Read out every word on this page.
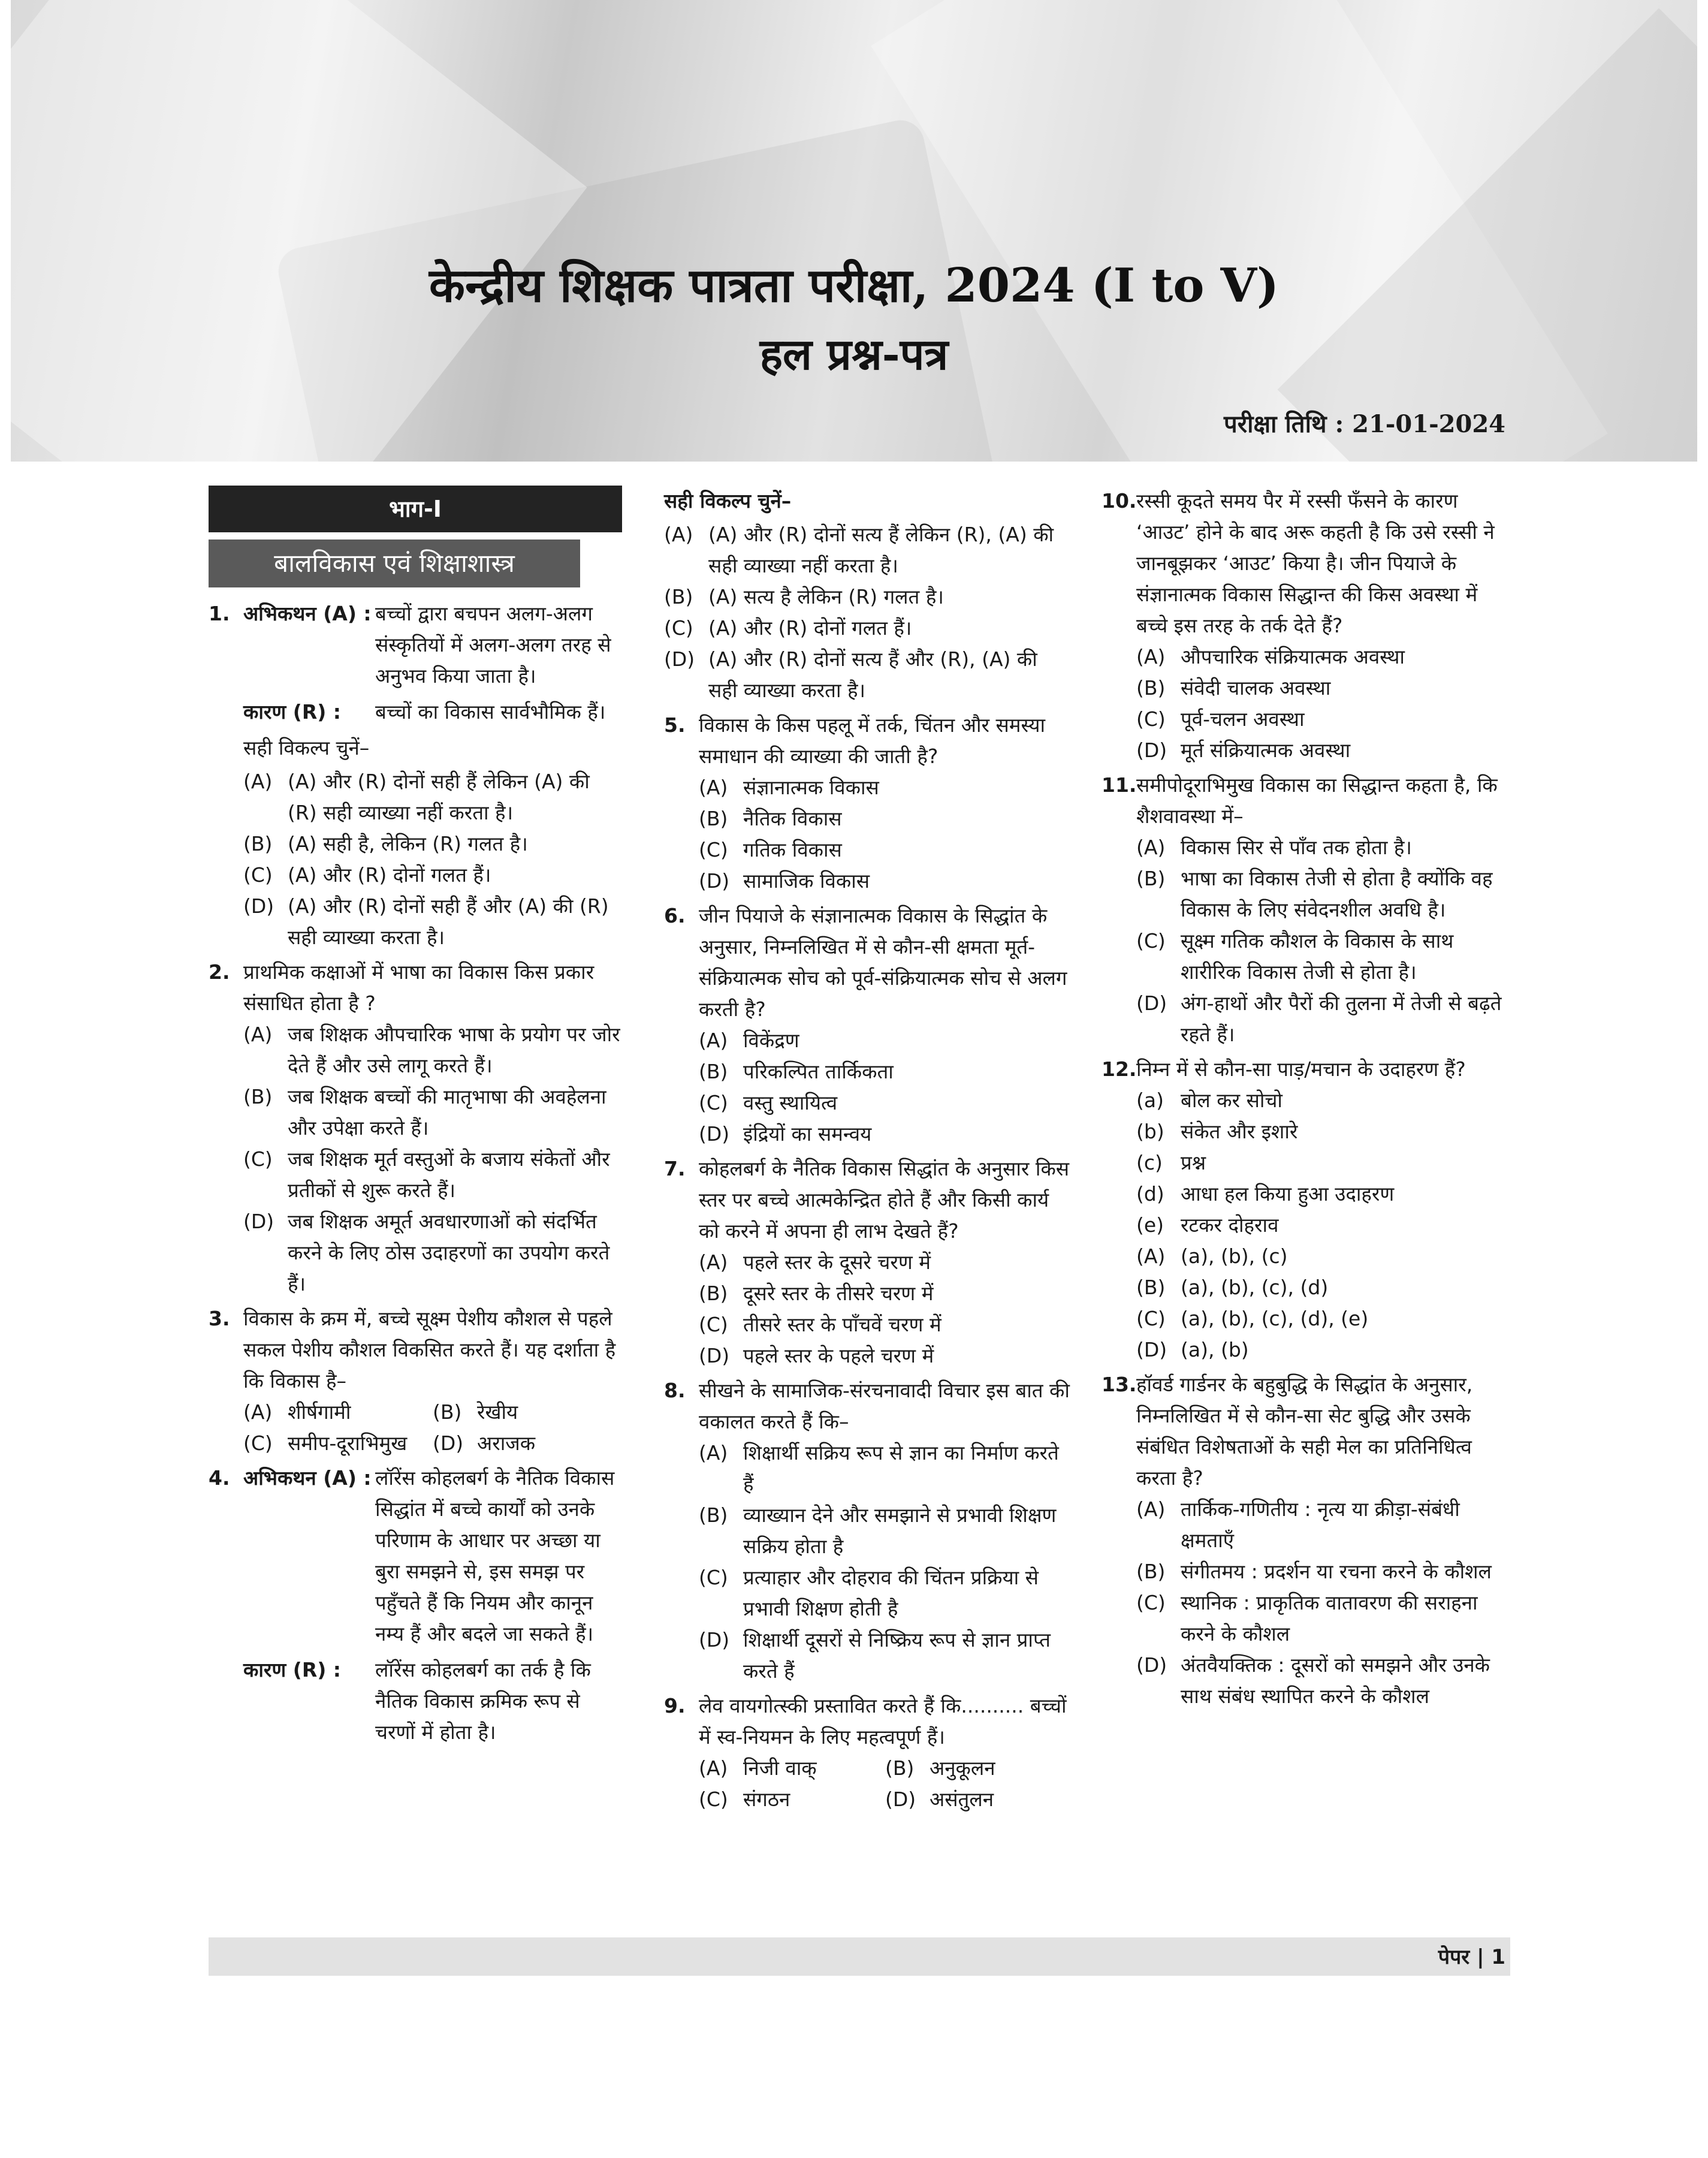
केन्द्रीय शिक्षक पात्रता परीक्षा, 2024 (I to V)
हल प्रश्न-पत्र
परीक्षा तिथि : 21-01-2024
भाग-I
बालविकास एवं शिक्षाशास्त्र
1. अभिकथन (A) : बच्चों द्वारा बचपन अलग-अलग संस्कृतियों में अलग-अलग तरह से अनुभव किया जाता है।
कारण (R) :	बच्चों का विकास सार्वभौमिक हैं।
सही विकल्प चुनें–
(A) (A) और (R) दोनों सही हैं लेकिन (A) की (R) सही व्याख्या नहीं करता है।
(B) (A) सही है, लेकिन (R) गलत है।
(C) (A) और (R) दोनों गलत हैं।
(D) (A) और (R) दोनों सही हैं और (A) की (R) सही व्याख्या करता है।
2. प्राथमिक कक्षाओं में भाषा का विकास किस प्रकार संसाधित होता है ?
(A) जब शिक्षक औपचारिक भाषा के प्रयोग पर जोर देते हैं और उसे लागू करते हैं।
(B) जब शिक्षक बच्चों की मातृभाषा की अवहेलना और उपेक्षा करते हैं।
(C) जब शिक्षक मूर्त वस्तुओं के बजाय संकेतों और प्रतीकों से शुरू करते हैं।
(D) जब शिक्षक अमूर्त अवधारणाओं को संदर्भित करने के लिए ठोस उदाहरणों का उपयोग करते हैं।
3. विकास के क्रम में, बच्चे सूक्ष्म पेशीय कौशल से पहले सकल पेशीय कौशल विकसित करते हैं। यह दर्शाता है कि विकास है–
(A) शीर्षगामी	(B) रेखीय
(C) समीप-दूराभिमुख	(D) अराजक
4. अभिकथन (A) : लॉरेंस कोहलबर्ग के नैतिक विकास सिद्धांत में बच्चे कार्यों को उनके परिणाम के आधार पर अच्छा या बुरा समझने से, इस समझ पर पहुँचते हैं कि नियम और कानून नम्य हैं और बदले जा सकते हैं।
कारण (R) :	लॉरेंस कोहलबर्ग का तर्क है कि नैतिक विकास क्रमिक रूप से चरणों में होता है।
सही विकल्प चुनें–
(A) (A) और (R) दोनों सत्य हैं लेकिन (R), (A) की सही व्याख्या नहीं करता है।
(B) (A) सत्य है लेकिन (R) गलत है।
(C) (A) और (R) दोनों गलत हैं।
(D) (A) और (R) दोनों सत्य हैं और (R), (A) की सही व्याख्या करता है।
5. विकास के किस पहलू में तर्क, चिंतन और समस्या समाधान की व्याख्या की जाती है?
(A) संज्ञानात्मक विकास
(B) नैतिक विकास
(C) गतिक विकास
(D) सामाजिक विकास
6. जीन पियाजे के संज्ञानात्मक विकास के सिद्धांत के अनुसार, निम्नलिखित में से कौन-सी क्षमता मूर्त-संक्रियात्मक सोच को पूर्व-संक्रियात्मक सोच से अलग करती है?
(A) विकेंद्रण
(B) परिकल्पित तार्किकता
(C) वस्तु स्थायित्व
(D) इंद्रियों का समन्वय
7. कोहलबर्ग के नैतिक विकास सिद्धांत के अनुसार किस स्तर पर बच्चे आत्मकेन्द्रित होते हैं और किसी कार्य को करने में अपना ही लाभ देखते हैं?
(A) पहले स्तर के दूसरे चरण में
(B) दूसरे स्तर के तीसरे चरण में
(C) तीसरे स्तर के पाँचवें चरण में
(D) पहले स्तर के पहले चरण में
8. सीखने के सामाजिक-संरचनावादी विचार इस बात की वकालत करते हैं कि–
(A) शिक्षार्थी सक्रिय रूप से ज्ञान का निर्माण करते हैं
(B) व्याख्यान देने और समझाने से प्रभावी शिक्षण सक्रिय होता है
(C) प्रत्याहार और दोहराव की चिंतन प्रक्रिया से प्रभावी शिक्षण होती है
(D) शिक्षार्थी दूसरों से निष्क्रिय रूप से ज्ञान प्राप्त करते हैं
9. लेव वायगोत्स्की प्रस्तावित करते हैं कि.......... बच्चों में स्व-नियमन के लिए महत्वपूर्ण हैं।
(A) निजी वाक्	(B) अनुकूलन
(C) संगठन	(D) असंतुलन
10. रस्सी कूदते समय पैर में रस्सी फँसने के कारण ‘आउट’ होने के बाद अरू कहती है कि उसे रस्सी ने जानबूझकर ‘आउट’ किया है। जीन पियाजे के संज्ञानात्मक विकास सिद्धान्त की किस अवस्था में बच्चे इस तरह के तर्क देते हैं?
(A) औपचारिक संक्रियात्मक अवस्था
(B) संवेदी चालक अवस्था
(C) पूर्व-चलन अवस्था
(D) मूर्त संक्रियात्मक अवस्था
11. समीपोदूराभिमुख विकास का सिद्धान्त कहता है, कि शैशवावस्था में–
(A) विकास सिर से पाँव तक होता है।
(B) भाषा का विकास तेजी से होता है क्योंकि वह विकास के लिए संवेदनशील अवधि है।
(C) सूक्ष्म गतिक कौशल के विकास के साथ शारीरिक विकास तेजी से होता है।
(D) अंग-हाथों और पैरों की तुलना में तेजी से बढ़ते रहते हैं।
12. निम्न में से कौन-सा पाड़/मचान के उदाहरण हैं?
(a) बोल कर सोचो
(b) संकेत और इशारे
(c) प्रश्न
(d) आधा हल किया हुआ उदाहरण
(e) रटकर दोहराव
(A) (a), (b), (c)
(B) (a), (b), (c), (d)
(C) (a), (b), (c), (d), (e)
(D) (a), (b)
13. हॉवर्ड गार्डनर के बहुबुद्धि के सिद्धांत के अनुसार, निम्नलिखित में से कौन-सा सेट बुद्धि और उसके संबंधित विशेषताओं के सही मेल का प्रतिनिधित्व करता है?
(A) तार्किक-गणितीय : नृत्य या क्रीड़ा-संबंधी क्षमताएँ
(B) संगीतमय : प्रदर्शन या रचना करने के कौशल
(C) स्थानिक : प्राकृतिक वातावरण की सराहना करने के कौशल
(D) अंतवैयक्तिक : दूसरों को समझने और उनके साथ संबंध स्थापित करने के कौशल
पेपर | 1
